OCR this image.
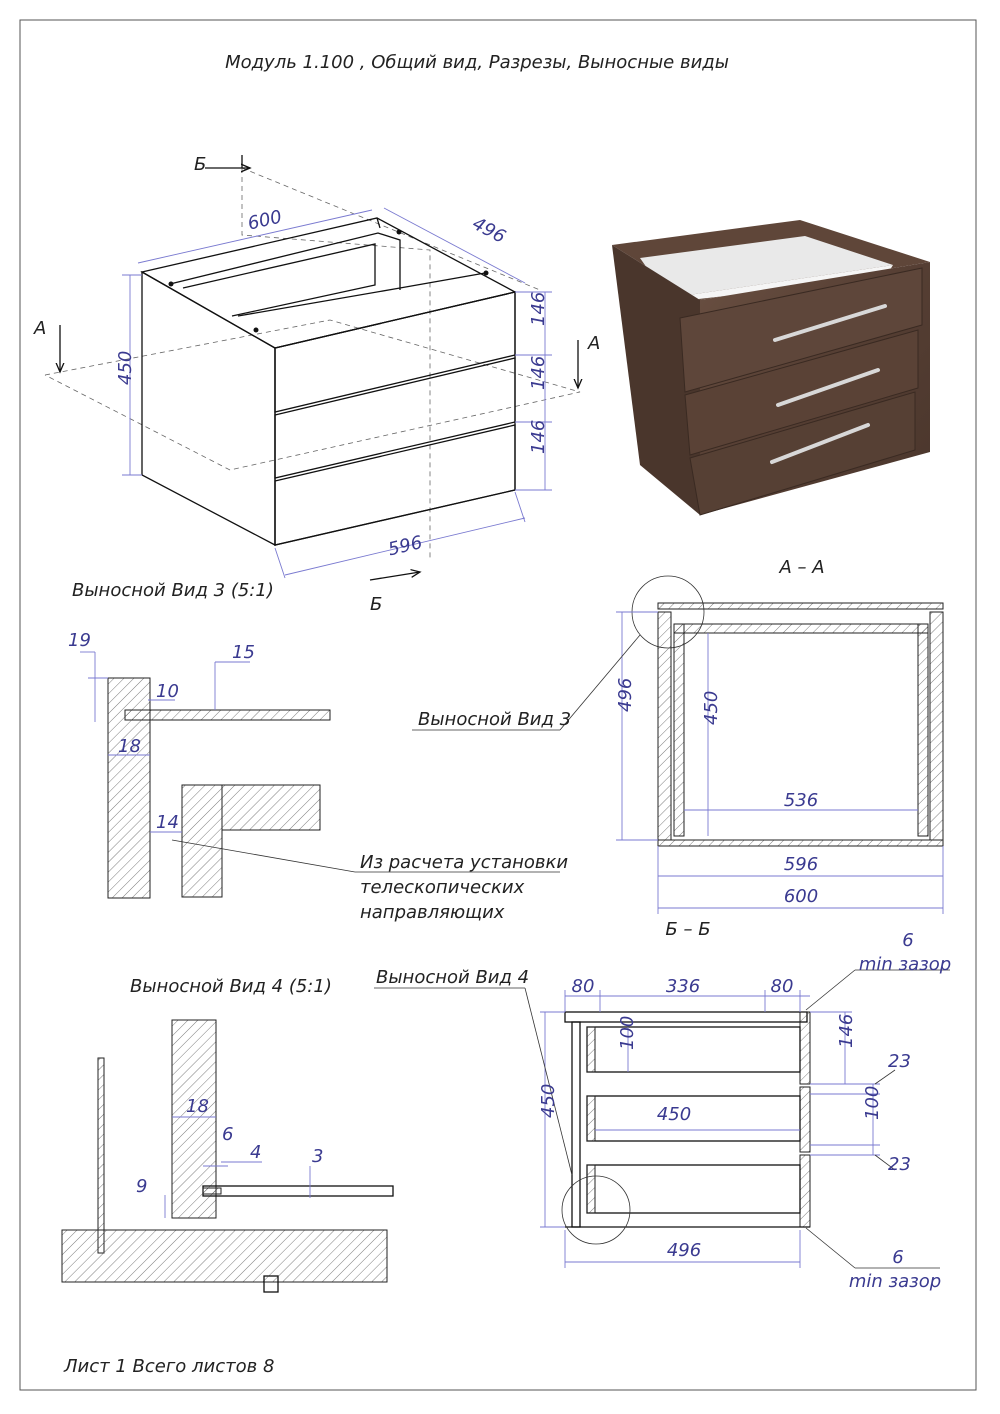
Модуль 1.100 , Общий вид, Разрезы, Выносные виды
600	496
450
146
146
146
596
А
А
Б
Б
Выносной Вид 3 (5:1)
19
15
10
18
14
Из расчета установки
телескопических
направляющих
А – А
Выносной Вид 3
496	450
536
596
600
Б – Б
Выносной Вид 4 80	336	80
450
146
100
450
23
100
23
496
6
min зазор
6
min зазор
Выносной Вид 4 (5:1)
18
6
4	3
9
Лист 1 Всего листов 8
